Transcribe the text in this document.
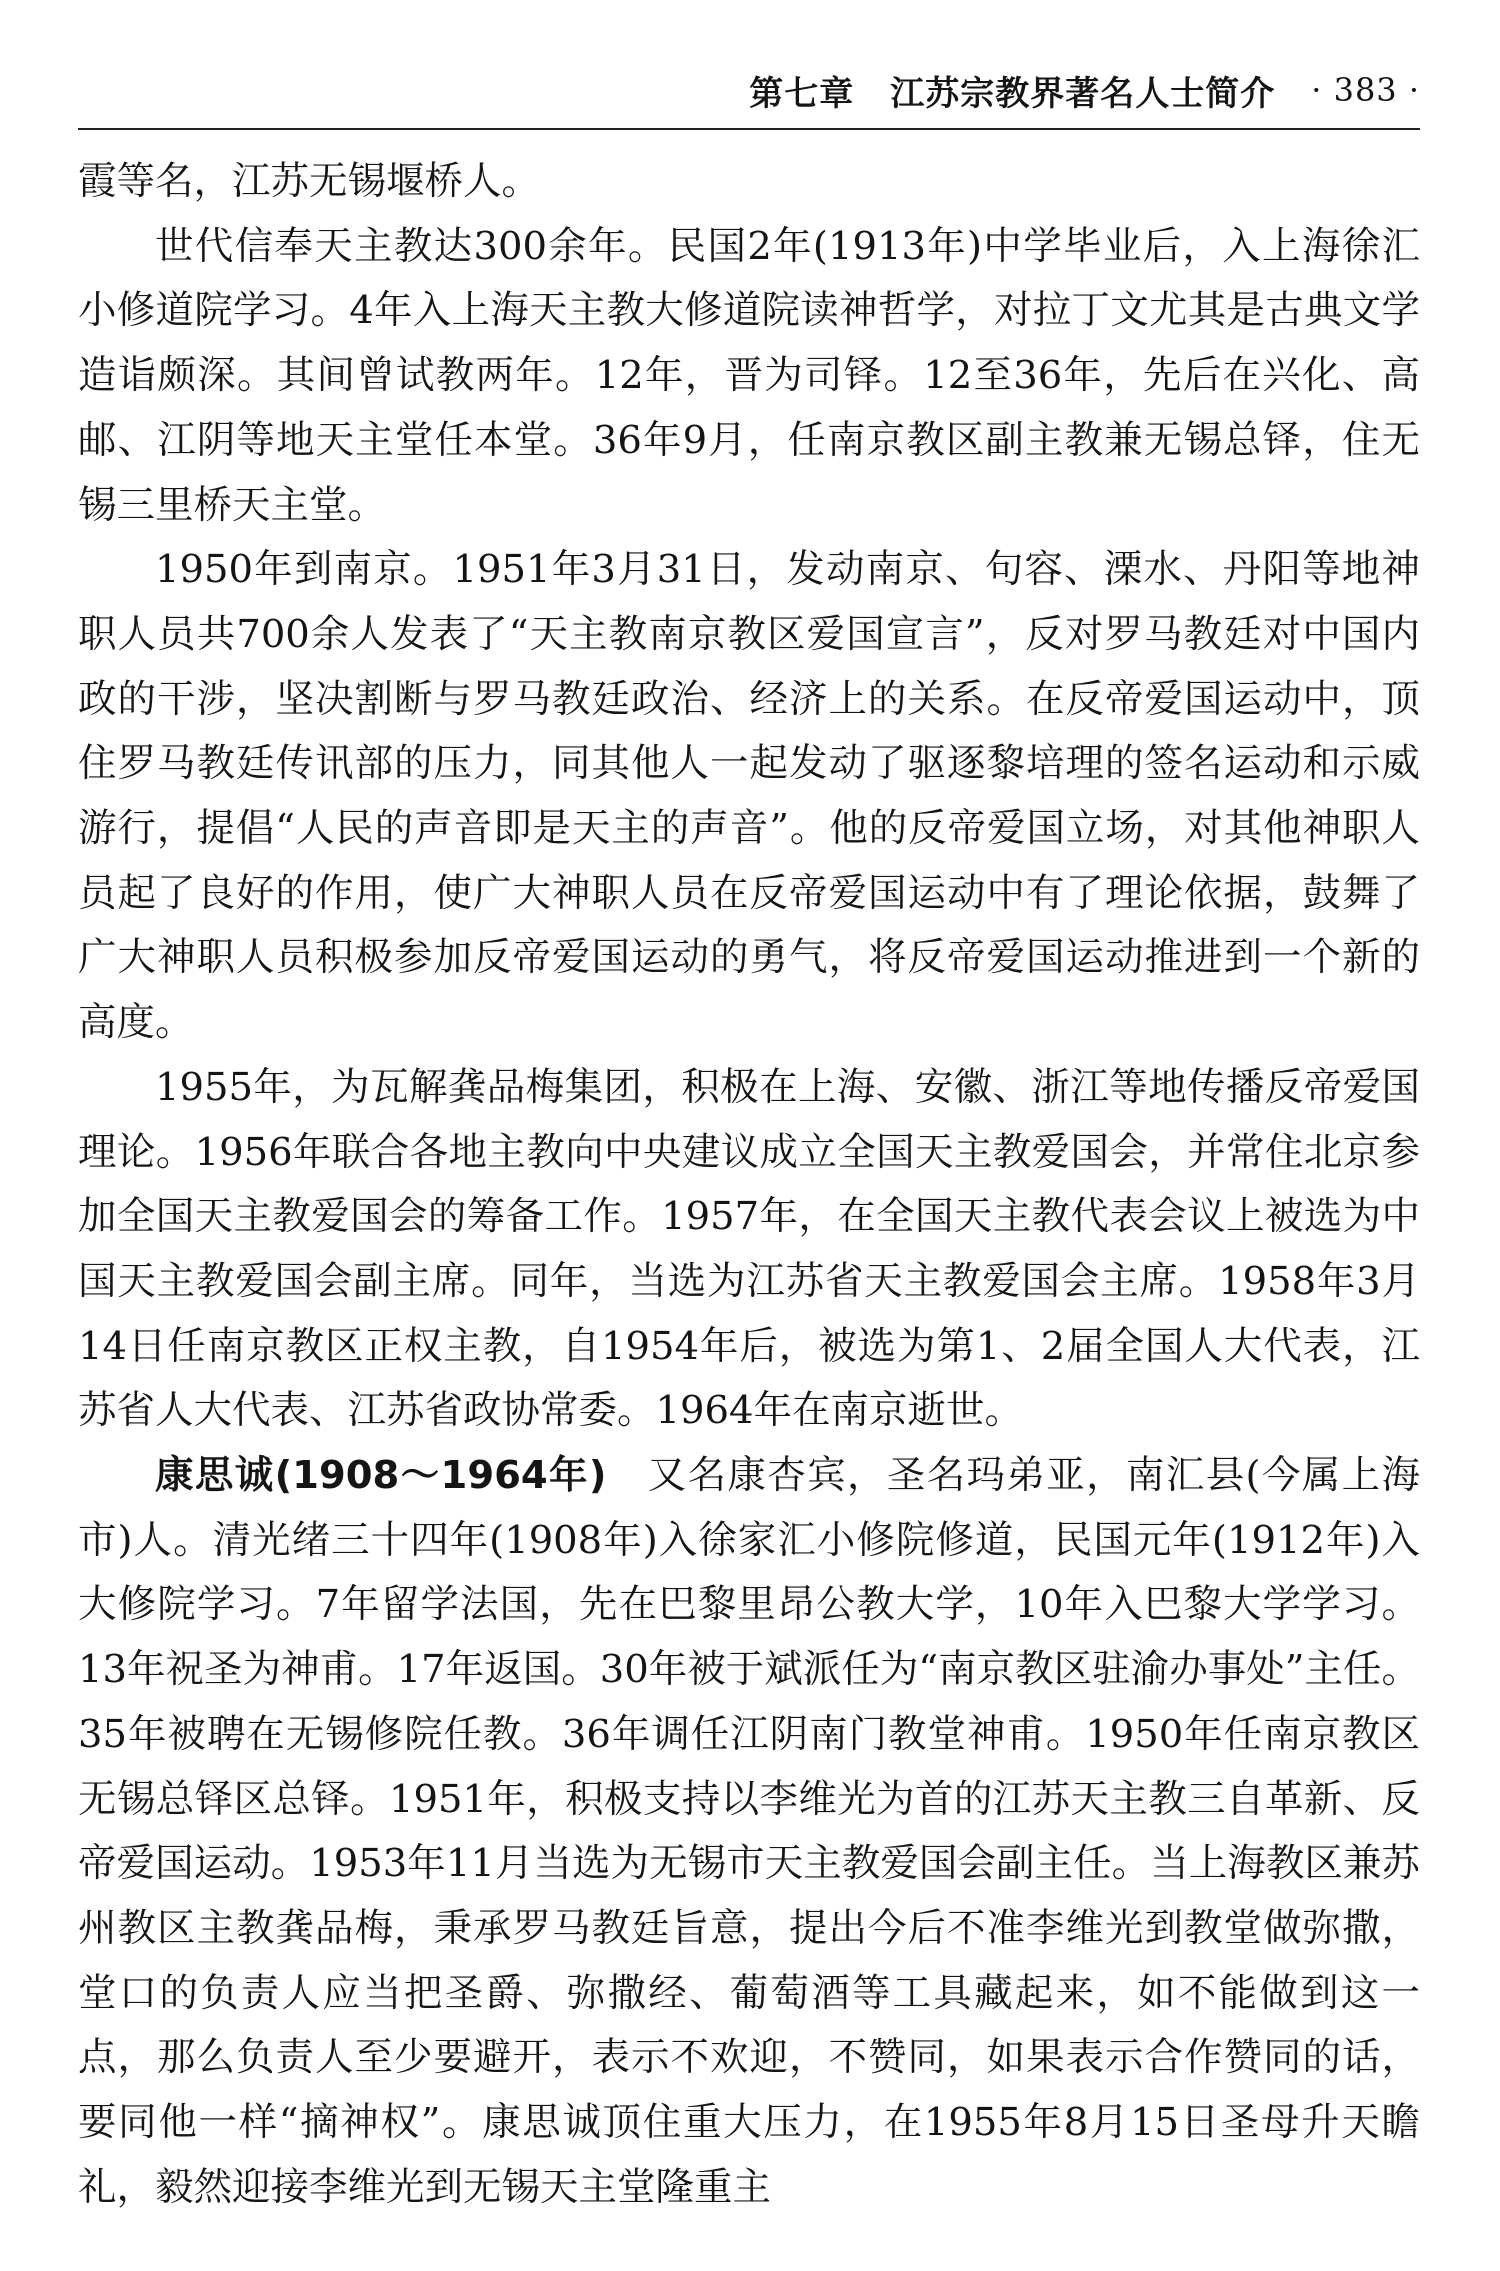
第七章 江苏宗教界著名人士简介 · 383 ·

霞等名，江苏无锡堰桥人。

世代信奉天主教达300余年。民国2年(1913年)中学毕业后，入上海徐汇小修道院学习。4年入上海天主教大修道院读神哲学，对拉丁文尤其是古典文学造诣颇深。其间曾试教两年。12年，晋为司铎。12至36年，先后在兴化、高邮、江阴等地天主堂任本堂。36年9月，任南京教区副主教兼无锡总铎，住无锡三里桥天主堂。

1950年到南京。1951年3月31日，发动南京、句容、溧水、丹阳等地神职人员共700余人发表了“天主教南京教区爱国宣言”，反对罗马教廷对中国内政的干涉，坚决割断与罗马教廷政治、经济上的关系。在反帝爱国运动中，顶住罗马教廷传讯部的压力，同其他人一起发动了驱逐黎培理的签名运动和示威游行，提倡“人民的声音即是天主的声音”。他的反帝爱国立场，对其他神职人员起了良好的作用，使广大神职人员在反帝爱国运动中有了理论依据，鼓舞了广大神职人员积极参加反帝爱国运动的勇气，将反帝爱国运动推进到一个新的高度。

1955年，为瓦解龚品梅集团，积极在上海、安徽、浙江等地传播反帝爱国理论。1956年联合各地主教向中央建议成立全国天主教爱国会，并常住北京参加全国天主教爱国会的筹备工作。1957年，在全国天主教代表会议上被选为中国天主教爱国会副主席。同年，当选为江苏省天主教爱国会主席。1958年3月14日任南京教区正权主教，自1954年后，被选为第1、2届全国人大代表，江苏省人大代表、江苏省政协常委。1964年在南京逝世。

康思诚(1908～1964年)　又名康杏宾，圣名玛弟亚，南汇县(今属上海市)人。清光绪三十四年(1908年)入徐家汇小修院修道，民国元年(1912年)入大修院学习。7年留学法国，先在巴黎里昂公教大学，10年入巴黎大学学习。13年祝圣为神甫。17年返国。30年被于斌派任为“南京教区驻渝办事处”主任。35年被聘在无锡修院任教。36年调任江阴南门教堂神甫。1950年任南京教区无锡总铎区总铎。1951年，积极支持以李维光为首的江苏天主教三自革新、反帝爱国运动。1953年11月当选为无锡市天主教爱国会副主任。当上海教区兼苏州教区主教龚品梅，秉承罗马教廷旨意，提出今后不准李维光到教堂做弥撒，堂口的负责人应当把圣爵、弥撒经、葡萄酒等工具藏起来，如不能做到这一点，那么负责人至少要避开，表示不欢迎，不赞同，如果表示合作赞同的话，要同他一样“摘神权”。康思诚顶住重大压力，在1955年8月15日圣母升天瞻礼，毅然迎接李维光到无锡天主堂隆重主
